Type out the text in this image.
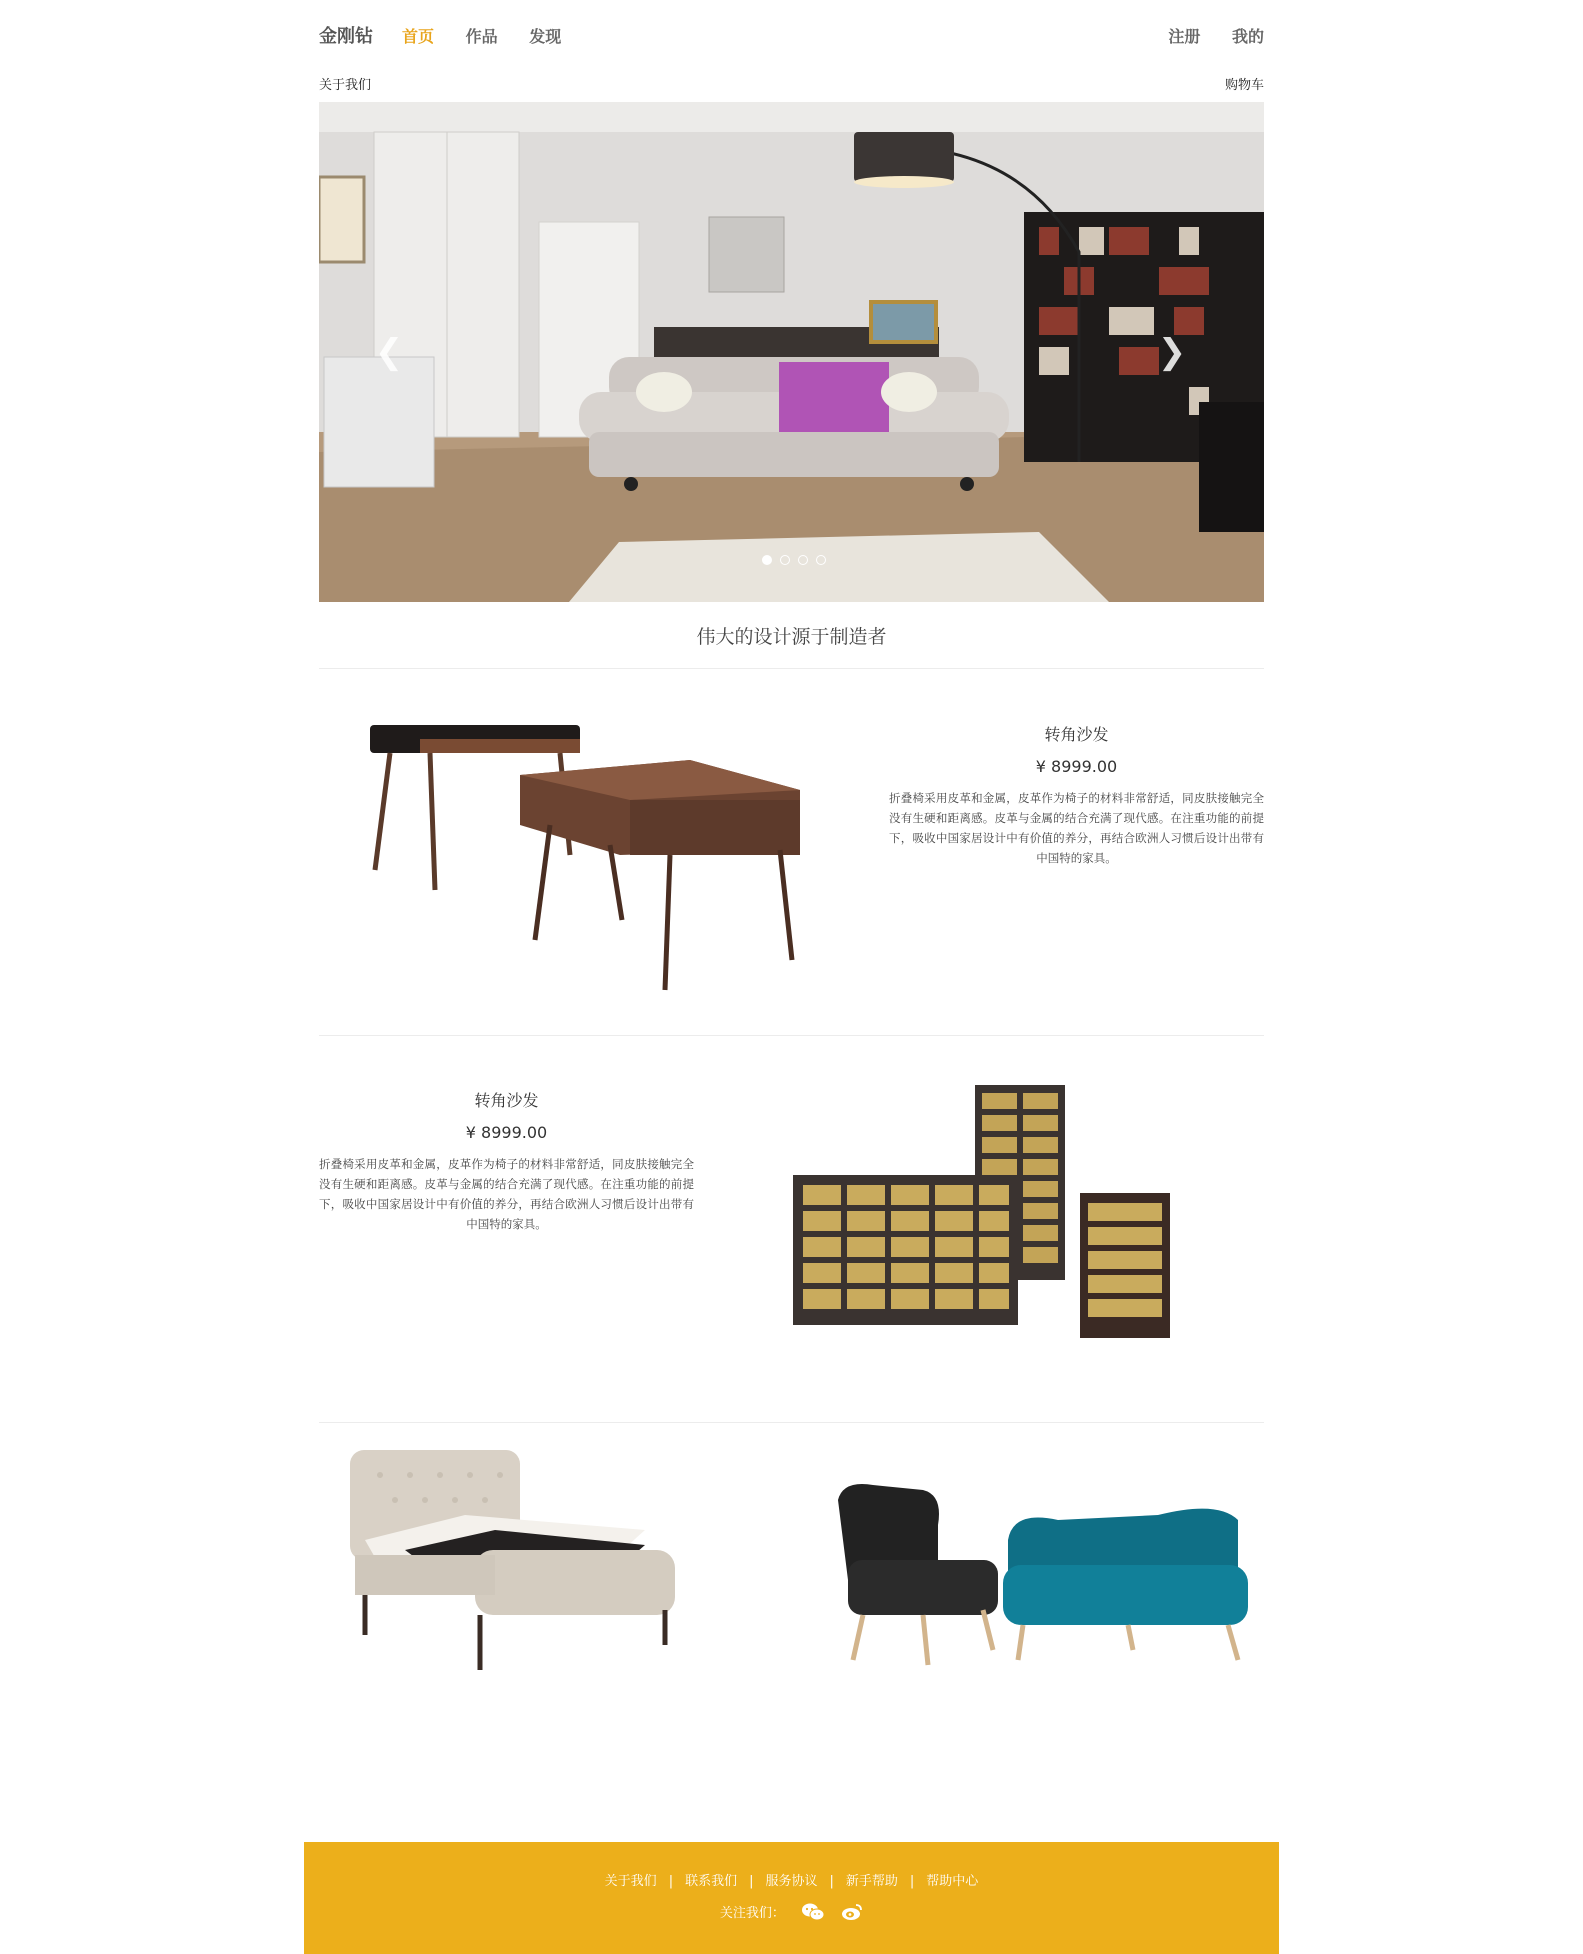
金刚钻 首页 作品 发现	注册 我的
关于我们	购物车
❮	❯

伟大的设计源于制造者
转角沙发
¥ 8999.00
折叠椅采用皮革和金属，皮革作为椅子的材料非常舒适，同皮肤接触完全没有生硬和距离感。皮革与金属的结合充满了现代感。在注重功能的前提下，吸收中国家居设计中有价值的养分，再结合欧洲人习惯后设计出带有中国特的家具。
转角沙发
¥ 8999.00
折叠椅采用皮革和金属，皮革作为椅子的材料非常舒适，同皮肤接触完全没有生硬和距离感。皮革与金属的结合充满了现代感。在注重功能的前提下，吸收中国家居设计中有价值的养分，再结合欧洲人习惯后设计出带有中国特的家具。
关于我们 | 联系我们 | 服务协议 | 新手帮助 | 帮助中心
关注我们：
